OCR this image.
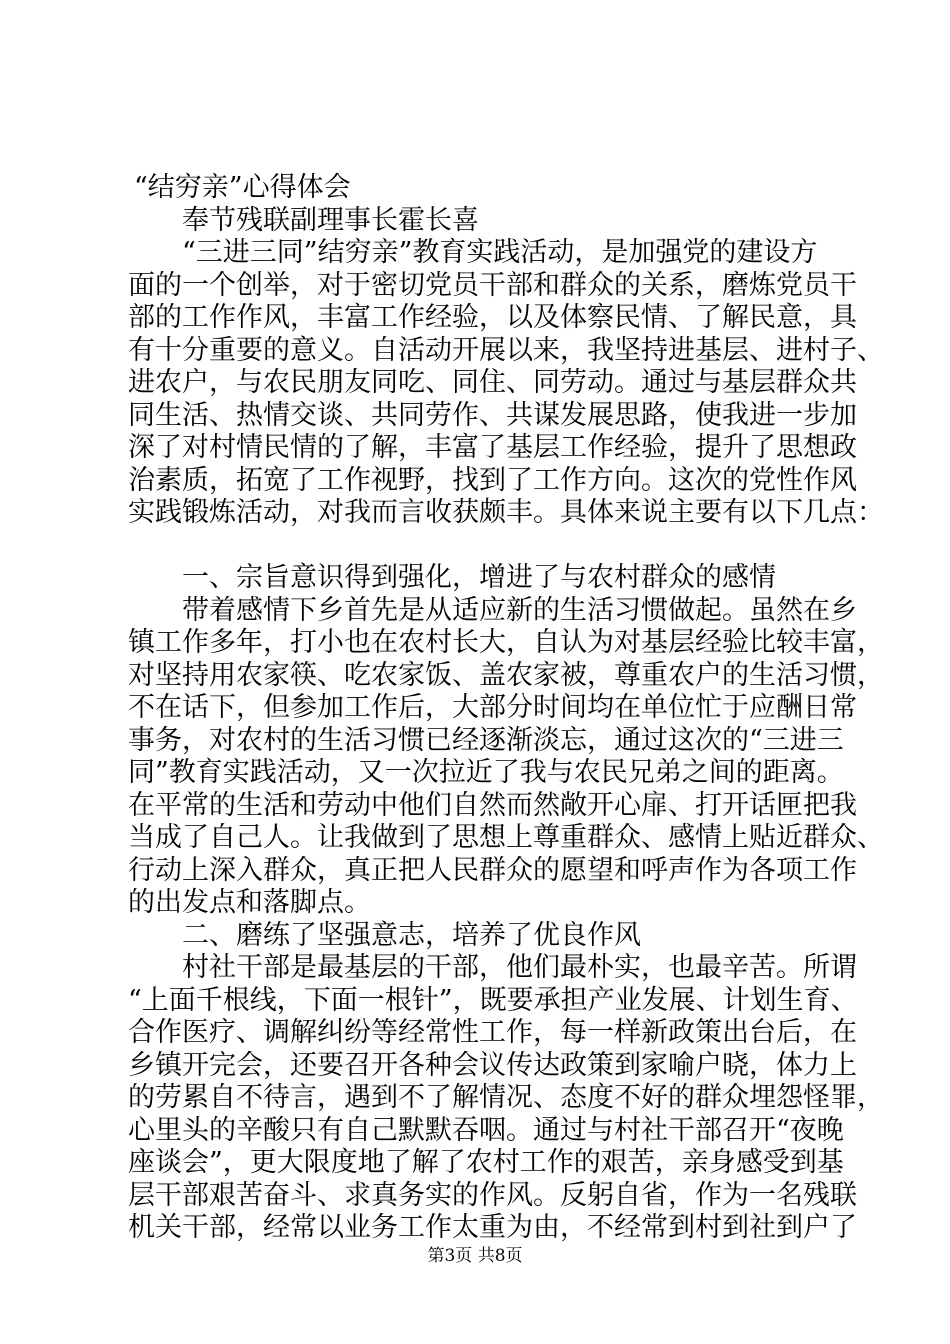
“结穷亲”心得体会
奉节残联副理事长霍长喜
“三进三同”结穷亲”教育实践活动，是加强党的建设方
面的一个创举，对于密切党员干部和群众的关系，磨炼党员干
部的工作作风，丰富工作经验，以及体察民情、了解民意，具
有十分重要的意义。自活动开展以来，我坚持进基层、进村子、
进农户，与农民朋友同吃、同住、同劳动。通过与基层群众共
同生活、热情交谈、共同劳作、共谋发展思路，使我进一步加
深了对村情民情的了解，丰富了基层工作经验，提升了思想政
治素质，拓宽了工作视野，找到了工作方向。这次的党性作风
实践锻炼活动，对我而言收获颇丰。具体来说主要有以下几点：
一、宗旨意识得到强化，增进了与农村群众的感情
带着感情下乡首先是从适应新的生活习惯做起。虽然在乡
镇工作多年，打小也在农村长大，自认为对基层经验比较丰富，
对坚持用农家筷、吃农家饭、盖农家被，尊重农户的生活习惯，
不在话下，但参加工作后，大部分时间均在单位忙于应酬日常
事务，对农村的生活习惯已经逐渐淡忘，通过这次的“三进三
同”教育实践活动，又一次拉近了我与农民兄弟之间的距离。
在平常的生活和劳动中他们自然而然敞开心扉、打开话匣把我
当成了自己人。让我做到了思想上尊重群众、感情上贴近群众、
行动上深入群众，真正把人民群众的愿望和呼声作为各项工作
的出发点和落脚点。
二、磨练了坚强意志，培养了优良作风
村社干部是最基层的干部，他们最朴实，也最辛苦。所谓
“上面千根线，下面一根针”，既要承担产业发展、计划生育、
合作医疗、调解纠纷等经常性工作，每一样新政策出台后，在
乡镇开完会，还要召开各种会议传达政策到家喻户晓，体力上
的劳累自不待言，遇到不了解情况、态度不好的群众埋怨怪罪，
心里头的辛酸只有自己默默吞咽。通过与村社干部召开“夜晚
座谈会”，更大限度地了解了农村工作的艰苦，亲身感受到基
层干部艰苦奋斗、求真务实的作风。反躬自省，作为一名残联
机关干部，经常以业务工作太重为由，不经常到村到社到户了
第3页 共8页
